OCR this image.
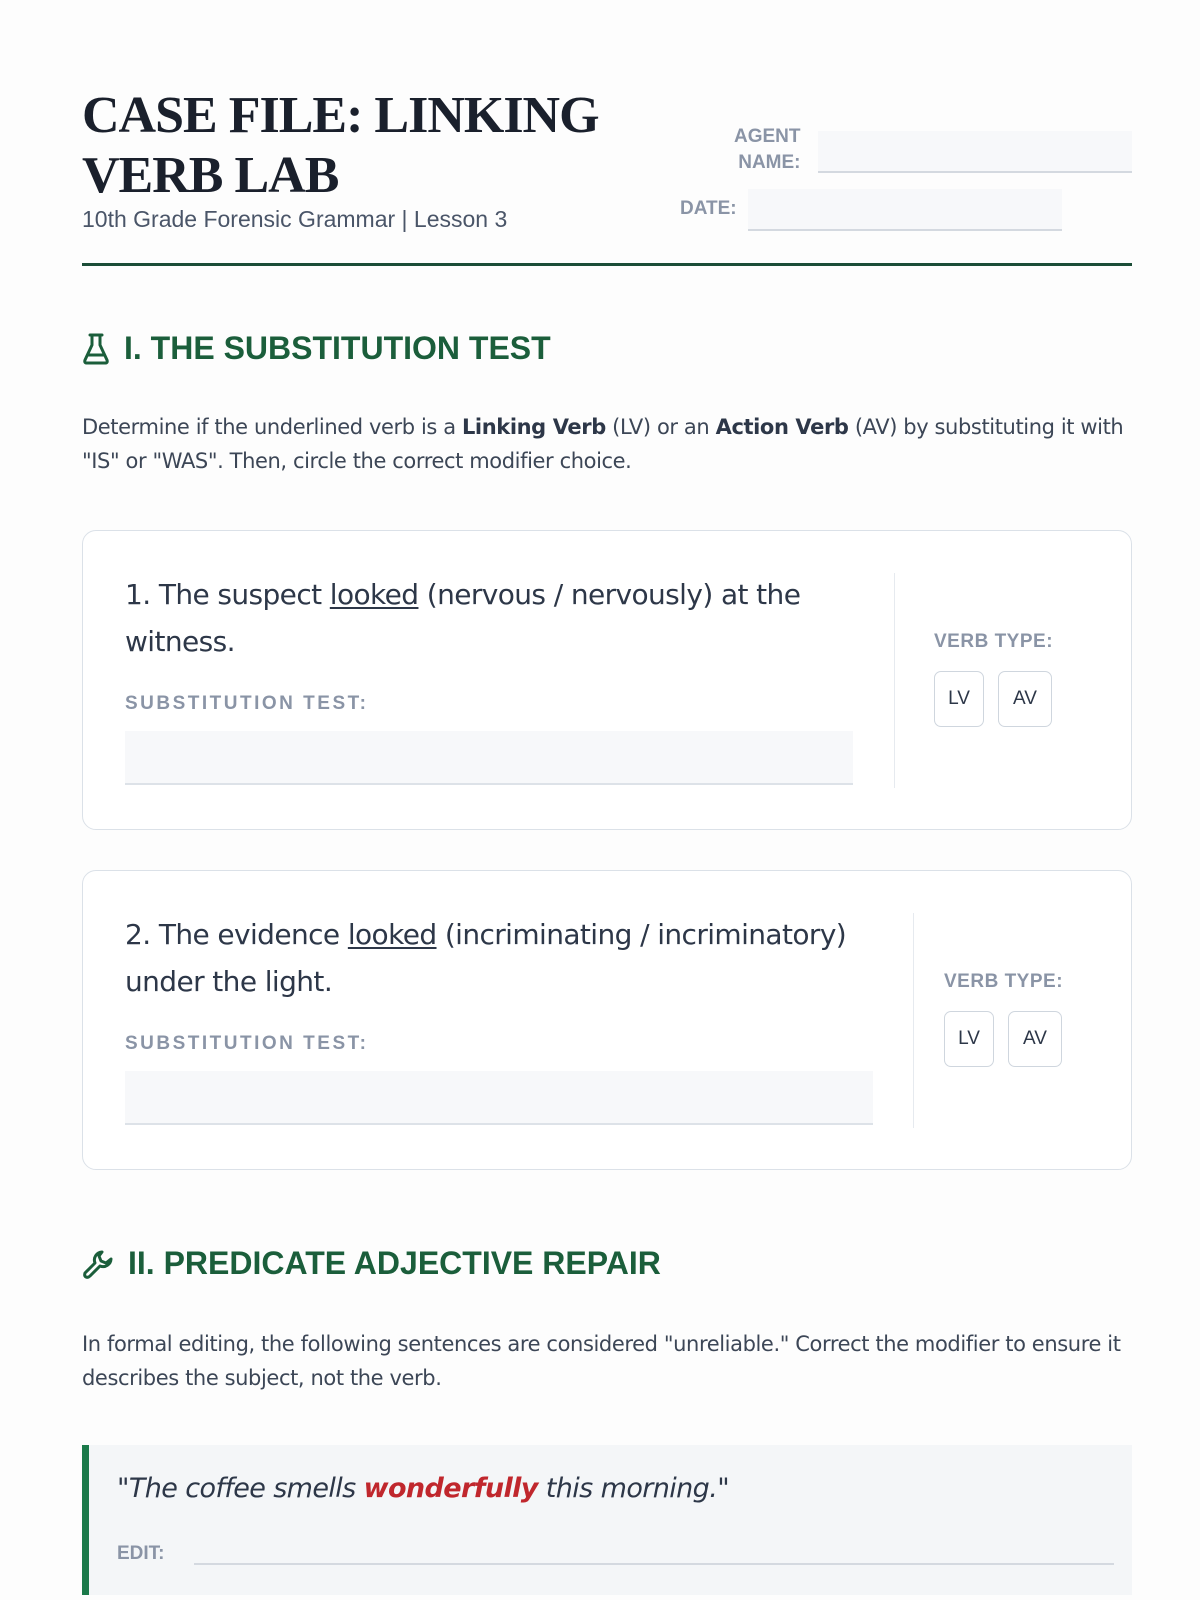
CASE FILE: LINKING VERB LAB
10th Grade Forensic Grammar | Lesson 3
AGENT
NAME:
DATE:
I. THE SUBSTITUTION TEST

Determine if the underlined verb is a Linking Verb (LV) or an Action Verb (AV) by substituting it with "IS" or "WAS". Then, circle the correct modifier choice.

1. The suspect looked (nervous / nervously) at the witness.
SUBSTITUTION TEST:
VERB TYPE:
LV	AV
2. The evidence looked (incriminating / incriminatory) under the light.
SUBSTITUTION TEST:
VERB TYPE:
LV	AV
II. PREDICATE ADJECTIVE REPAIR

In formal editing, the following sentences are considered "unreliable." Correct the modifier to ensure it describes the subject, not the verb.

"The coffee smells wonderfully this morning."
EDIT:
